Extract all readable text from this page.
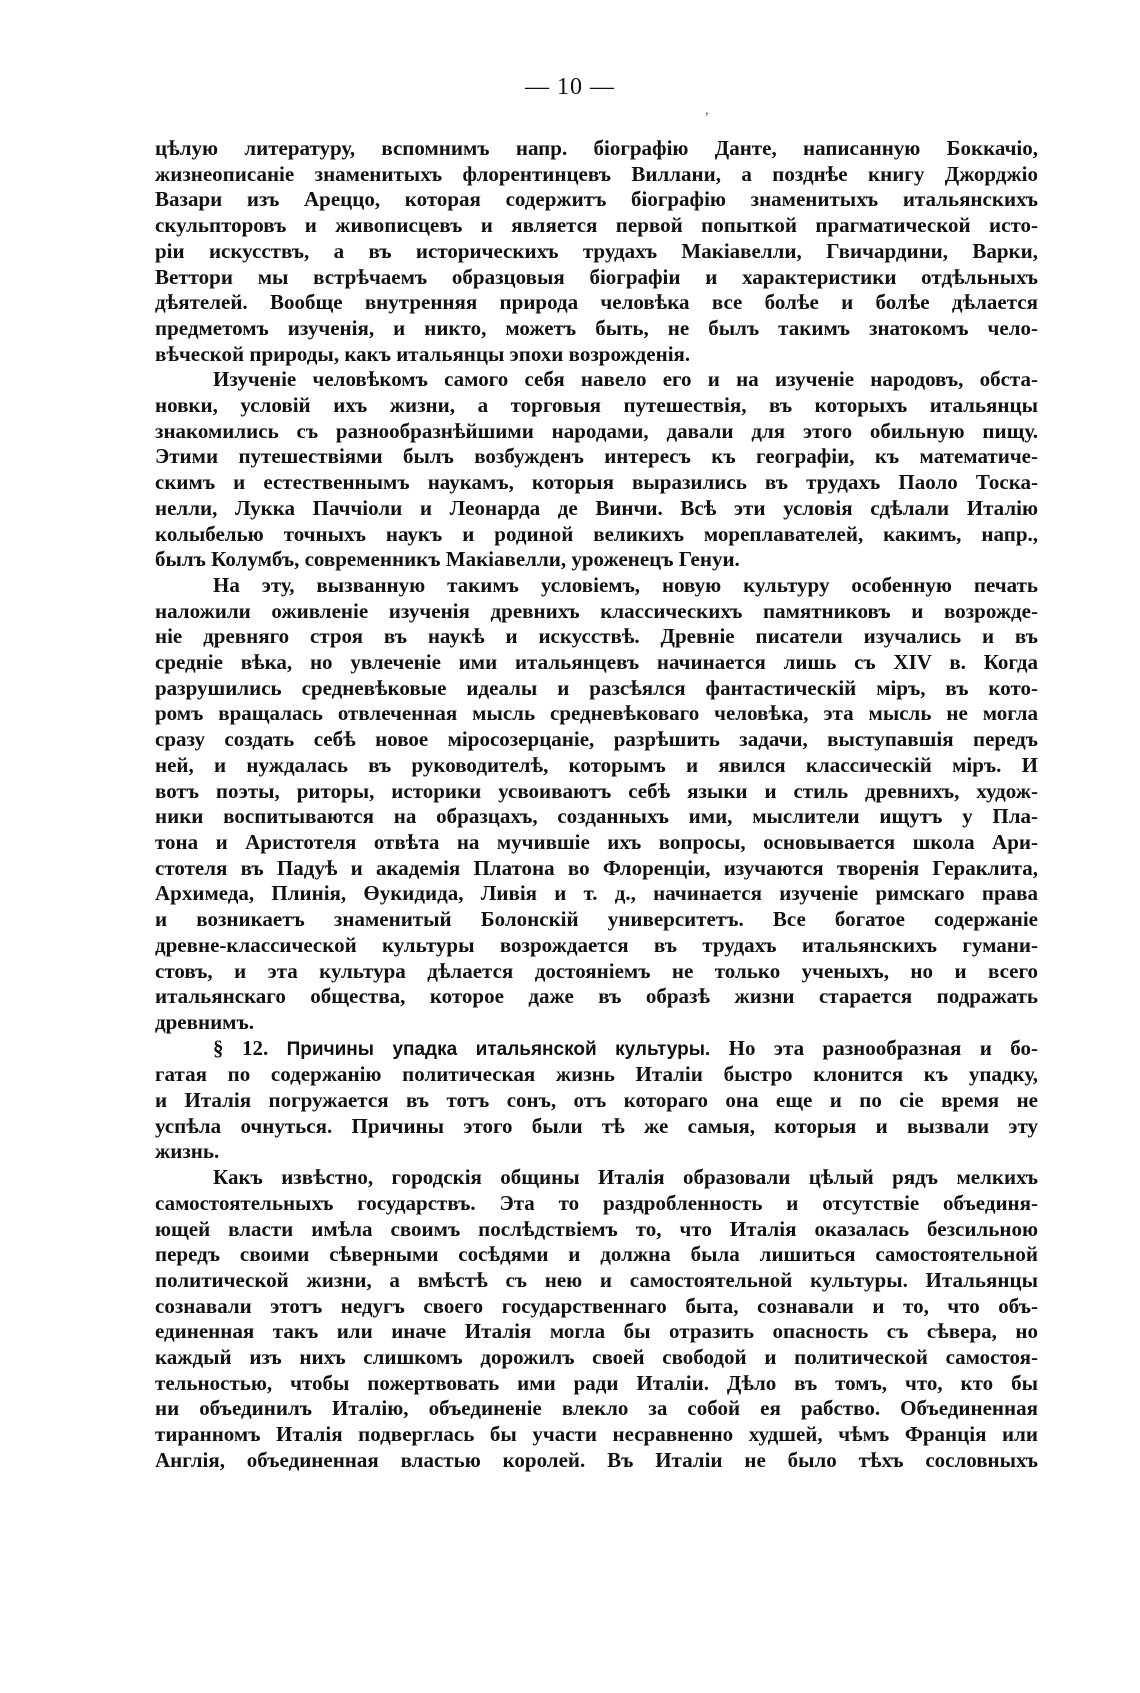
— 10 —
,
цѣлую литературу, вспомнимъ напр. біографію Данте, написанную Боккачіо,
жизнеописаніе знаменитыхъ флорентинцевъ Виллани, а позднѣе книгу Джорджіо
Вазари изъ Ареццо, которая содержитъ біографію знаменитыхъ итальянскихъ
скульпторовъ и живописцевъ и является первой попыткой прагматической исто-
ріи искусствъ, а въ историческихъ трудахъ Макіавелли, Гвичардини, Варки,
Веттори мы встрѣчаемъ образцовыя біографіи и характеристики отдѣльныхъ
дѣятелей. Вообще внутренняя природа человѣка все болѣе и болѣе дѣлается
предметомъ изученія, и никто, можетъ быть, не былъ такимъ знатокомъ чело-
вѣческой природы, какъ итальянцы эпохи возрожденія.
Изученіе человѣкомъ самого себя навело его и на изученіе народовъ, обста-
новки, условій ихъ жизни, а торговыя путешествія, въ которыхъ итальянцы
знакомились съ разнообразнѣйшими народами, давали для этого обильную пищу.
Этими путешествіями былъ возбужденъ интересъ къ географіи, къ математиче-
скимъ и естественнымъ наукамъ, которыя выразились въ трудахъ Паоло Тоска-
нелли, Лукка Паччіоли и Леонарда де Винчи. Всѣ эти условія сдѣлали Италію
колыбелью точныхъ наукъ и родиной великихъ мореплавателей, какимъ, напр.,
былъ Колумбъ, современникъ Макіавелли, уроженецъ Генуи.
На эту, вызванную такимъ условіемъ, новую культуру особенную печать
наложили оживленіе изученія древнихъ классическихъ памятниковъ и возрожде-
ніе древняго строя въ наукѣ и искусствѣ. Древніе писатели изучались и въ
средніе вѣка, но увлеченіе ими итальянцевъ начинается лишь съ XIV в. Когда
разрушились средневѣковые идеалы и разсѣялся фантастическій міръ, въ кото-
ромъ вращалась отвлеченная мысль средневѣковаго человѣка, эта мысль не могла
сразу создать себѣ новое міросозерцаніе, разрѣшить задачи, выступавшія передъ
ней, и нуждалась въ руководителѣ, которымъ и явился классическій міръ. И
вотъ поэты, риторы, историки усвоиваютъ себѣ языки и стиль древнихъ, худож-
ники воспитываются на образцахъ, созданныхъ ими, мыслители ищутъ у Пла-
тона и Аристотеля отвѣта на мучившіе ихъ вопросы, основывается школа Ари-
стотеля въ Падуѣ и академія Платона во Флоренціи, изучаются творенія Гераклита,
Архимеда, Плинія, Өукидида, Ливія и т. д., начинается изученіе римскаго права
и возникаетъ знаменитый Болонскій университетъ. Все богатое содержаніе
древне-классической культуры возрождается въ трудахъ итальянскихъ гумани-
стовъ, и эта культура дѣлается достояніемъ не только ученыхъ, но и всего
итальянскаго общества, которое даже въ образѣ жизни старается подражать
древнимъ.
§ 12. Причины упадка итальянской культуры. Но эта разнообразная и бо-
гатая по содержанію политическая жизнь Италіи быстро клонится къ упадку,
и Италія погружается въ тотъ сонъ, отъ котораго она еще и по сіе время не
успѣла очнуться. Причины этого были тѣ же самыя, которыя и вызвали эту
жизнь.
Какъ извѣстно, городскія общины Италія образовали цѣлый рядъ мелкихъ
самостоятельныхъ государствъ. Эта то раздробленность и отсутствіе объединя-
ющей власти имѣла своимъ послѣдствіемъ то, что Италія оказалась безсильною
передъ своими сѣверными сосѣдями и должна была лишиться самостоятельной
политической жизни, а вмѣстѣ съ нею и самостоятельной культуры. Итальянцы
сознавали этотъ недугъ своего государственнаго быта, сознавали и то, что объ-
единенная такъ или иначе Италія могла бы отразить опасность съ сѣвера, но
каждый изъ нихъ слишкомъ дорожилъ своей свободой и политической самостоя-
тельностью, чтобы пожертвовать ими ради Италіи. Дѣло въ томъ, что, кто бы
ни объединилъ Италію, объединеніе влекло за собой ея рабство. Объединенная
тиранномъ Италія подверглась бы участи несравненно худшей, чѣмъ Франція или
Англія, объединенная властью королей. Въ Италіи не было тѣхъ сословныхъ
